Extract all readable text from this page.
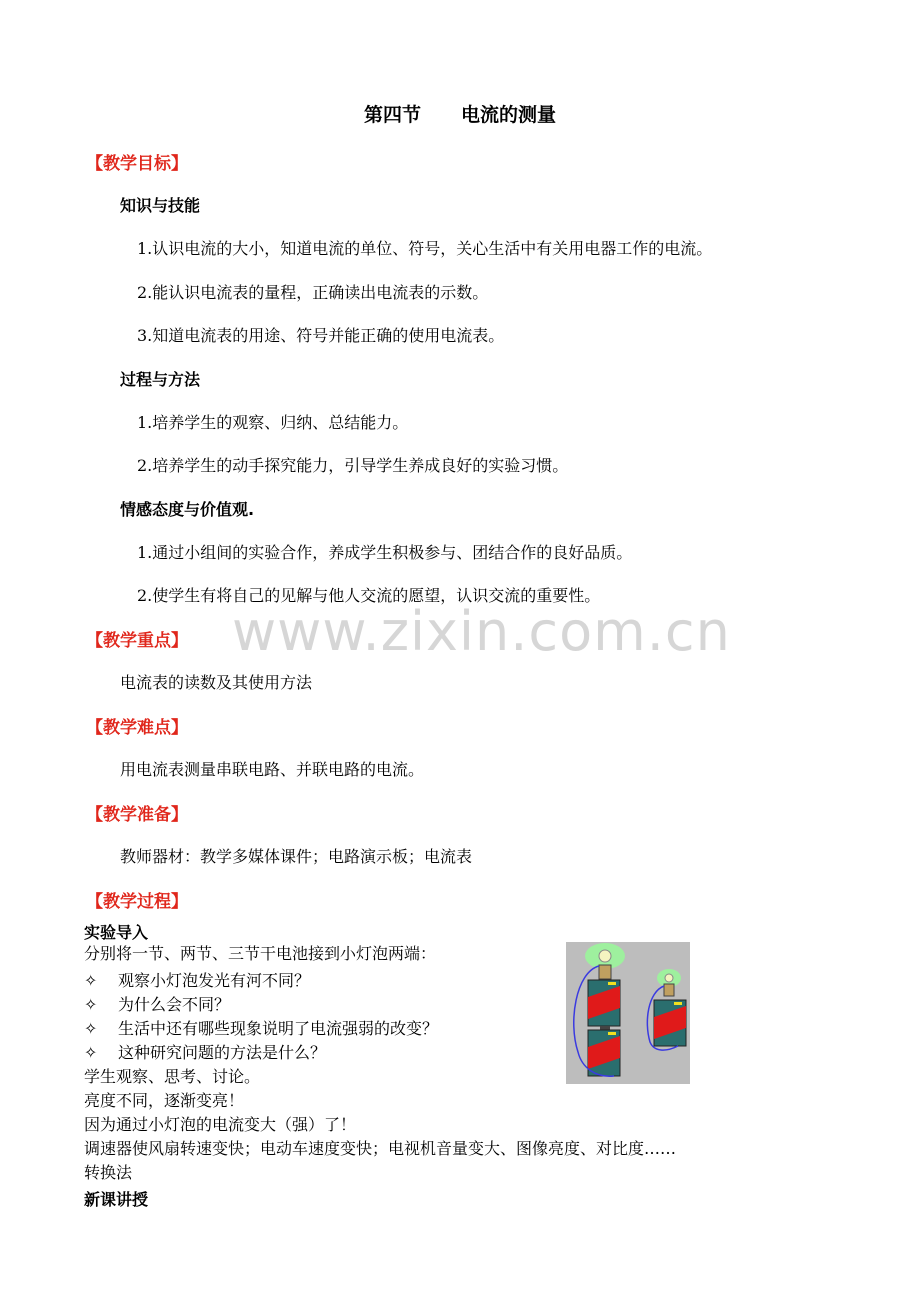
www.zixin.com.cn
第四节 电流的测量
【教学目标】
知识与技能
1.认识电流的大小，知道电流的单位、符号，关心生活中有关用电器工作的电流。
2.能认识电流表的量程，正确读出电流表的示数。
3.知道电流表的用途、符号并能正确的使用电流表。
过程与方法
1.培养学生的观察、归纳、总结能力。
2.培养学生的动手探究能力，引导学生养成良好的实验习惯。
情感态度与价值观.
1.通过小组间的实验合作，养成学生积极参与、团结合作的良好品质。
2.使学生有将自己的见解与他人交流的愿望，认识交流的重要性。
【教学重点】
电流表的读数及其使用方法
【教学难点】
用电流表测量串联电路、并联电路的电流。
【教学准备】
教师器材：教学多媒体课件；电路演示板；电流表
【教学过程】
实验导入
分别将一节、两节、三节干电池接到小灯泡两端：
✧ 观察小灯泡发光有河不同？
✧ 为什么会不同？
✧ 生活中还有哪些现象说明了电流强弱的改变？
✧ 这种研究问题的方法是什么？
学生观察、思考、讨论。
亮度不同，逐渐变亮！
因为通过小灯泡的电流变大（强）了！
调速器使风扇转速变快；电动车速度变快；电视机音量变大、图像亮度、对比度……
转换法
新课讲授
